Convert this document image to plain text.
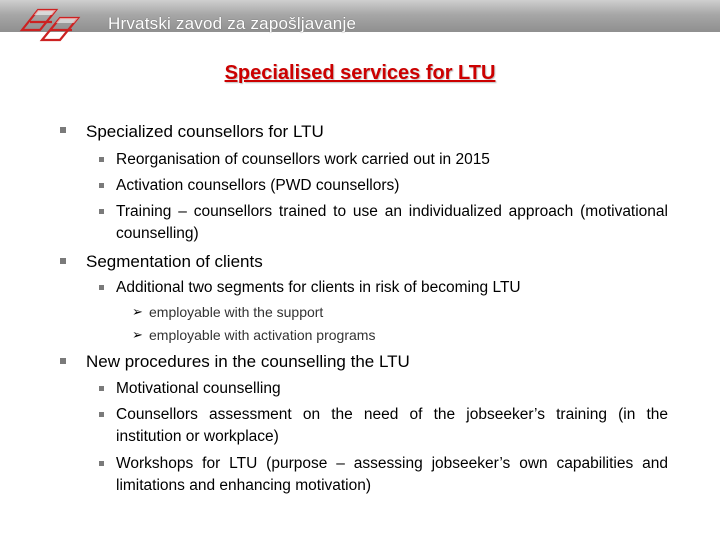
Hrvatski zavod za zapošljavanje
Specialised services for LTU
Specialized counsellors for LTU
Reorganisation of counsellors work carried out in 2015
Activation counsellors (PWD counsellors)
Training – counsellors trained to use an individualized approach (motivational counselling)
Segmentation of clients
Additional two segments for clients in risk of becoming LTU
➢ employable with the support
➢ employable with activation programs
New procedures in the counselling the LTU
Motivational counselling
Counsellors assessment on the need of the jobseeker’s training (in the institution or workplace)
Workshops for LTU (purpose – assessing jobseeker’s own capabilities and limitations and enhancing motivation)
